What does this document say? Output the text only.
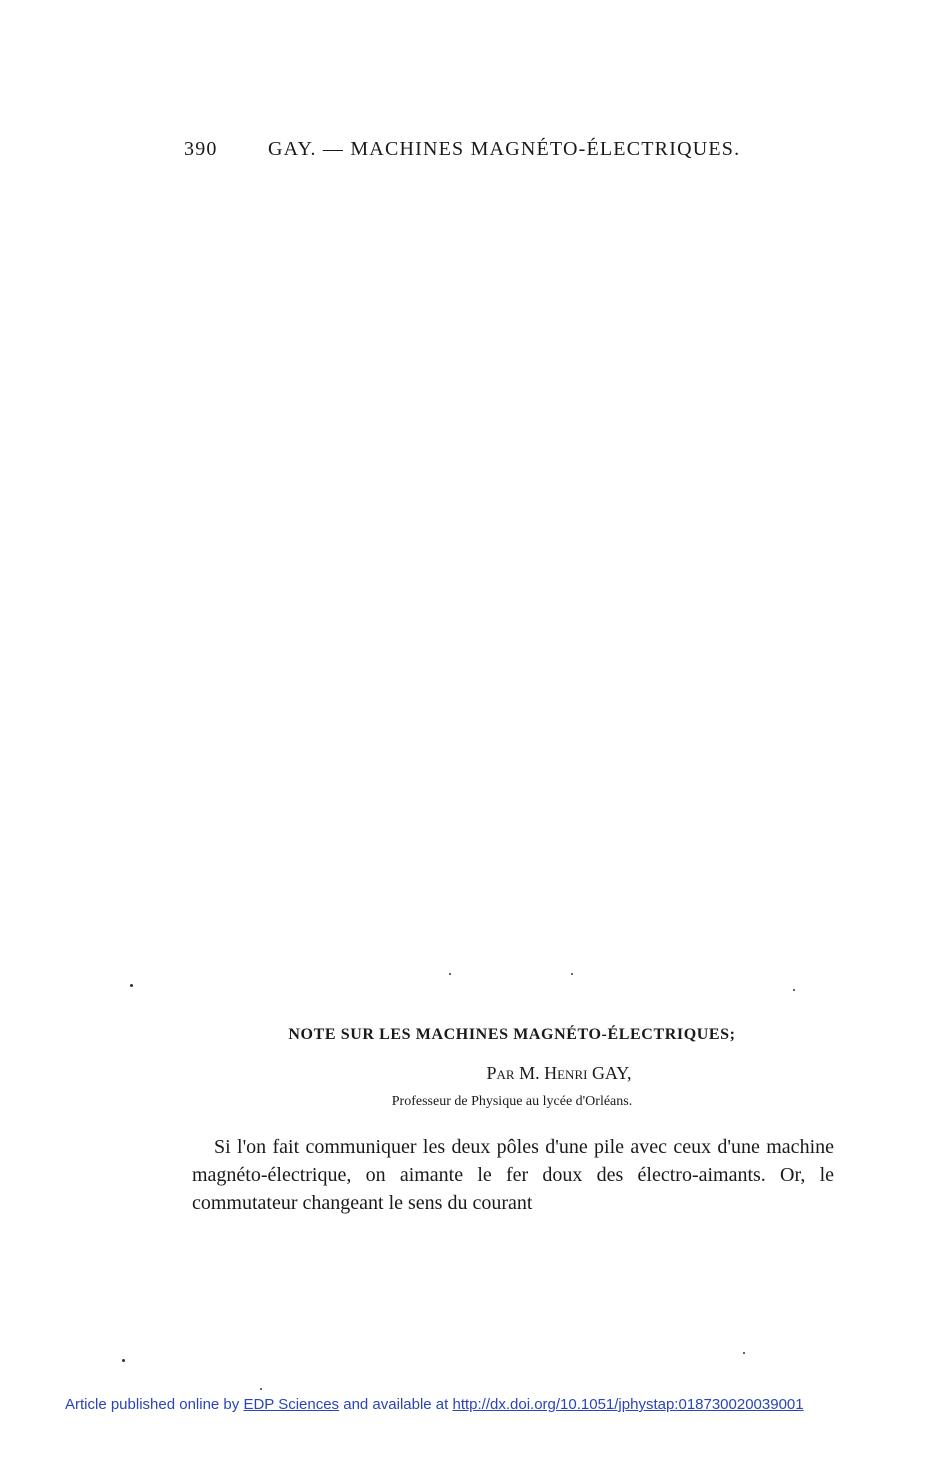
390	GAY. — MACHINES MAGNÉTO-ÉLECTRIQUES.
NOTE SUR LES MACHINES MAGNÉTO-ÉLECTRIQUES;
Par M. Henri GAY,
Professeur de Physique au lycée d'Orléans.

Si l'on fait communiquer les deux pôles d'une pile avec ceux d'une machine magnéto-électrique, on aimante le fer doux des électro-aimants. Or, le commutateur changeant le sens du courant

Article published online by EDP Sciences and available at http://dx.doi.org/10.1051/jphystap:018730020039001
